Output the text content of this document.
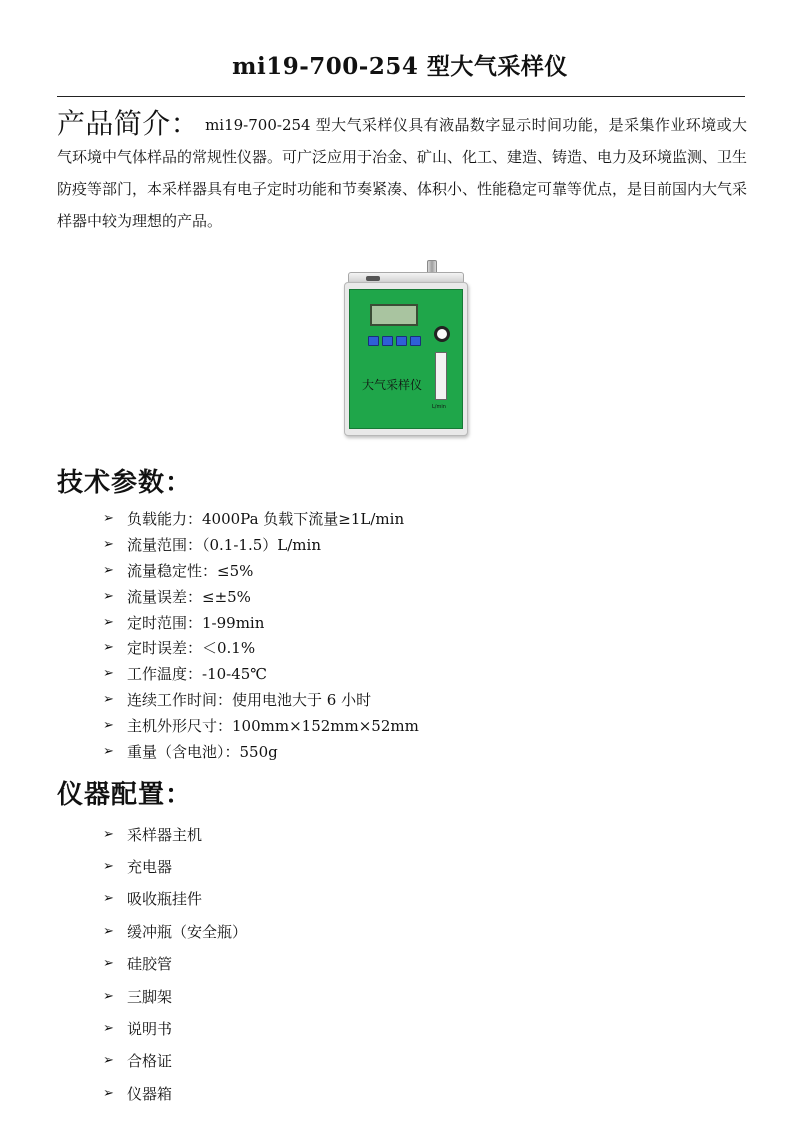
mi19-700-254 型大气采样仪

产品简介： mi19-700-254 型大气采样仪具有液晶数字显示时间功能，是采集作业环境或大气环境中气体样品的常规性仪器。可广泛应用于冶金、矿山、化工、建造、铸造、电力及环境监测、卫生防疫等部门，本采样器具有电子定时功能和节奏紧凑、体积小、性能稳定可靠等优点，是目前国内大气采样器中较为理想的产品。

大气采样仪
L/min
技术参数：
➢ 负载能力：4000Pa 负载下流量≥1L/min
➢ 流量范围：（0.1-1.5）L/min
➢ 流量稳定性：≤5%
➢ 流量误差：≤±5%
➢ 定时范围：1-99min
➢ 定时误差：＜0.1%
➢ 工作温度：-10-45℃
➢ 连续工作时间：使用电池大于 6 小时
➢ 主机外形尺寸：100mm×152mm×52mm
➢ 重量（含电池）：550g
仪器配置：
➢ 采样器主机
➢ 充电器
➢ 吸收瓶挂件
➢ 缓冲瓶（安全瓶）
➢ 硅胶管
➢ 三脚架
➢ 说明书
➢ 合格证
➢ 仪器箱
